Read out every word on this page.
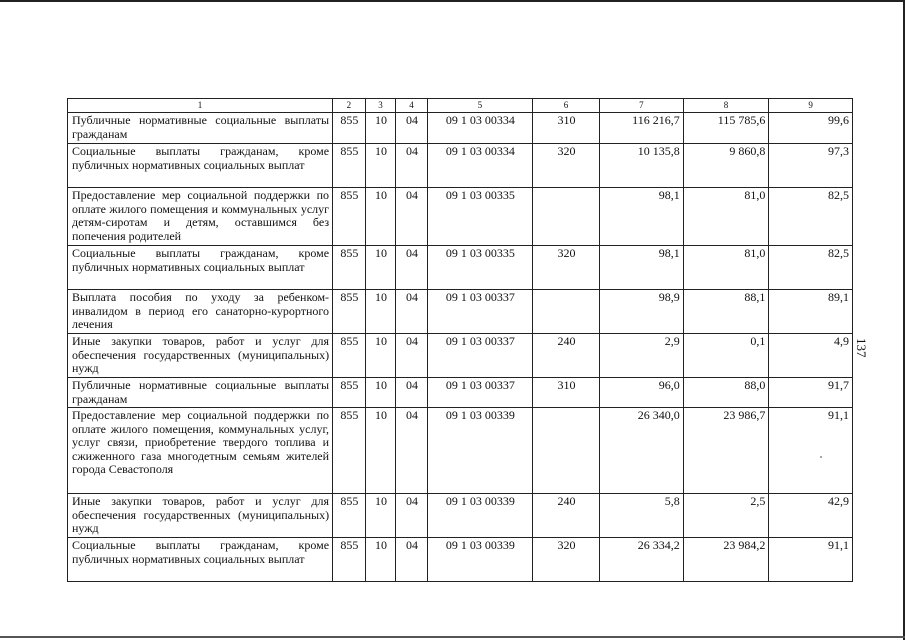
1	2	3	4	5	6	7	8	9
Публичные нормативные социальные выплаты гражданам	855	10	04	09 1 03 00334	310	116 216,7	115 785,6	99,6
Социальные выплаты гражданам, кроме публичных нормативных социальных выплат	855	10	04	09 1 03 00334	320	10 135,8	9 860,8	97,3
Предоставление мер социальной поддержки по оплате жилого помещения и коммунальных услуг детям-сиротам и детям, оставшимся без попечения родителей	855	10	04	09 1 03 00335		98,1	81,0	82,5
Социальные выплаты гражданам, кроме публичных нормативных социальных выплат	855	10	04	09 1 03 00335	320	98,1	81,0	82,5
Выплата пособия по уходу за ребенком-инвалидом в период его санаторно-курортного лечения	855	10	04	09 1 03 00337		98,9	88,1	89,1
Иные закупки товаров, работ и услуг для обеспечения государственных (муниципальных) нужд	855	10	04	09 1 03 00337	240	2,9	0,1	4,9
Публичные нормативные социальные выплаты гражданам	855	10	04	09 1 03 00337	310	96,0	88,0	91,7
Предоставление мер социальной поддержки по оплате жилого помещения, коммунальных услуг, услуг связи, приобретение твердого топлива и сжиженного газа многодетным семьям жителей города Севастополя	855	10	04	09 1 03 00339		26 340,0	23 986,7	91,1
Иные закупки товаров, работ и услуг для обеспечения государственных (муниципальных) нужд	855	10	04	09 1 03 00339	240	5,8	2,5	42,9
Социальные выплаты гражданам, кроме публичных нормативных социальных выплат	855	10	04	09 1 03 00339	320	26 334,2	23 984,2	91,1
137
